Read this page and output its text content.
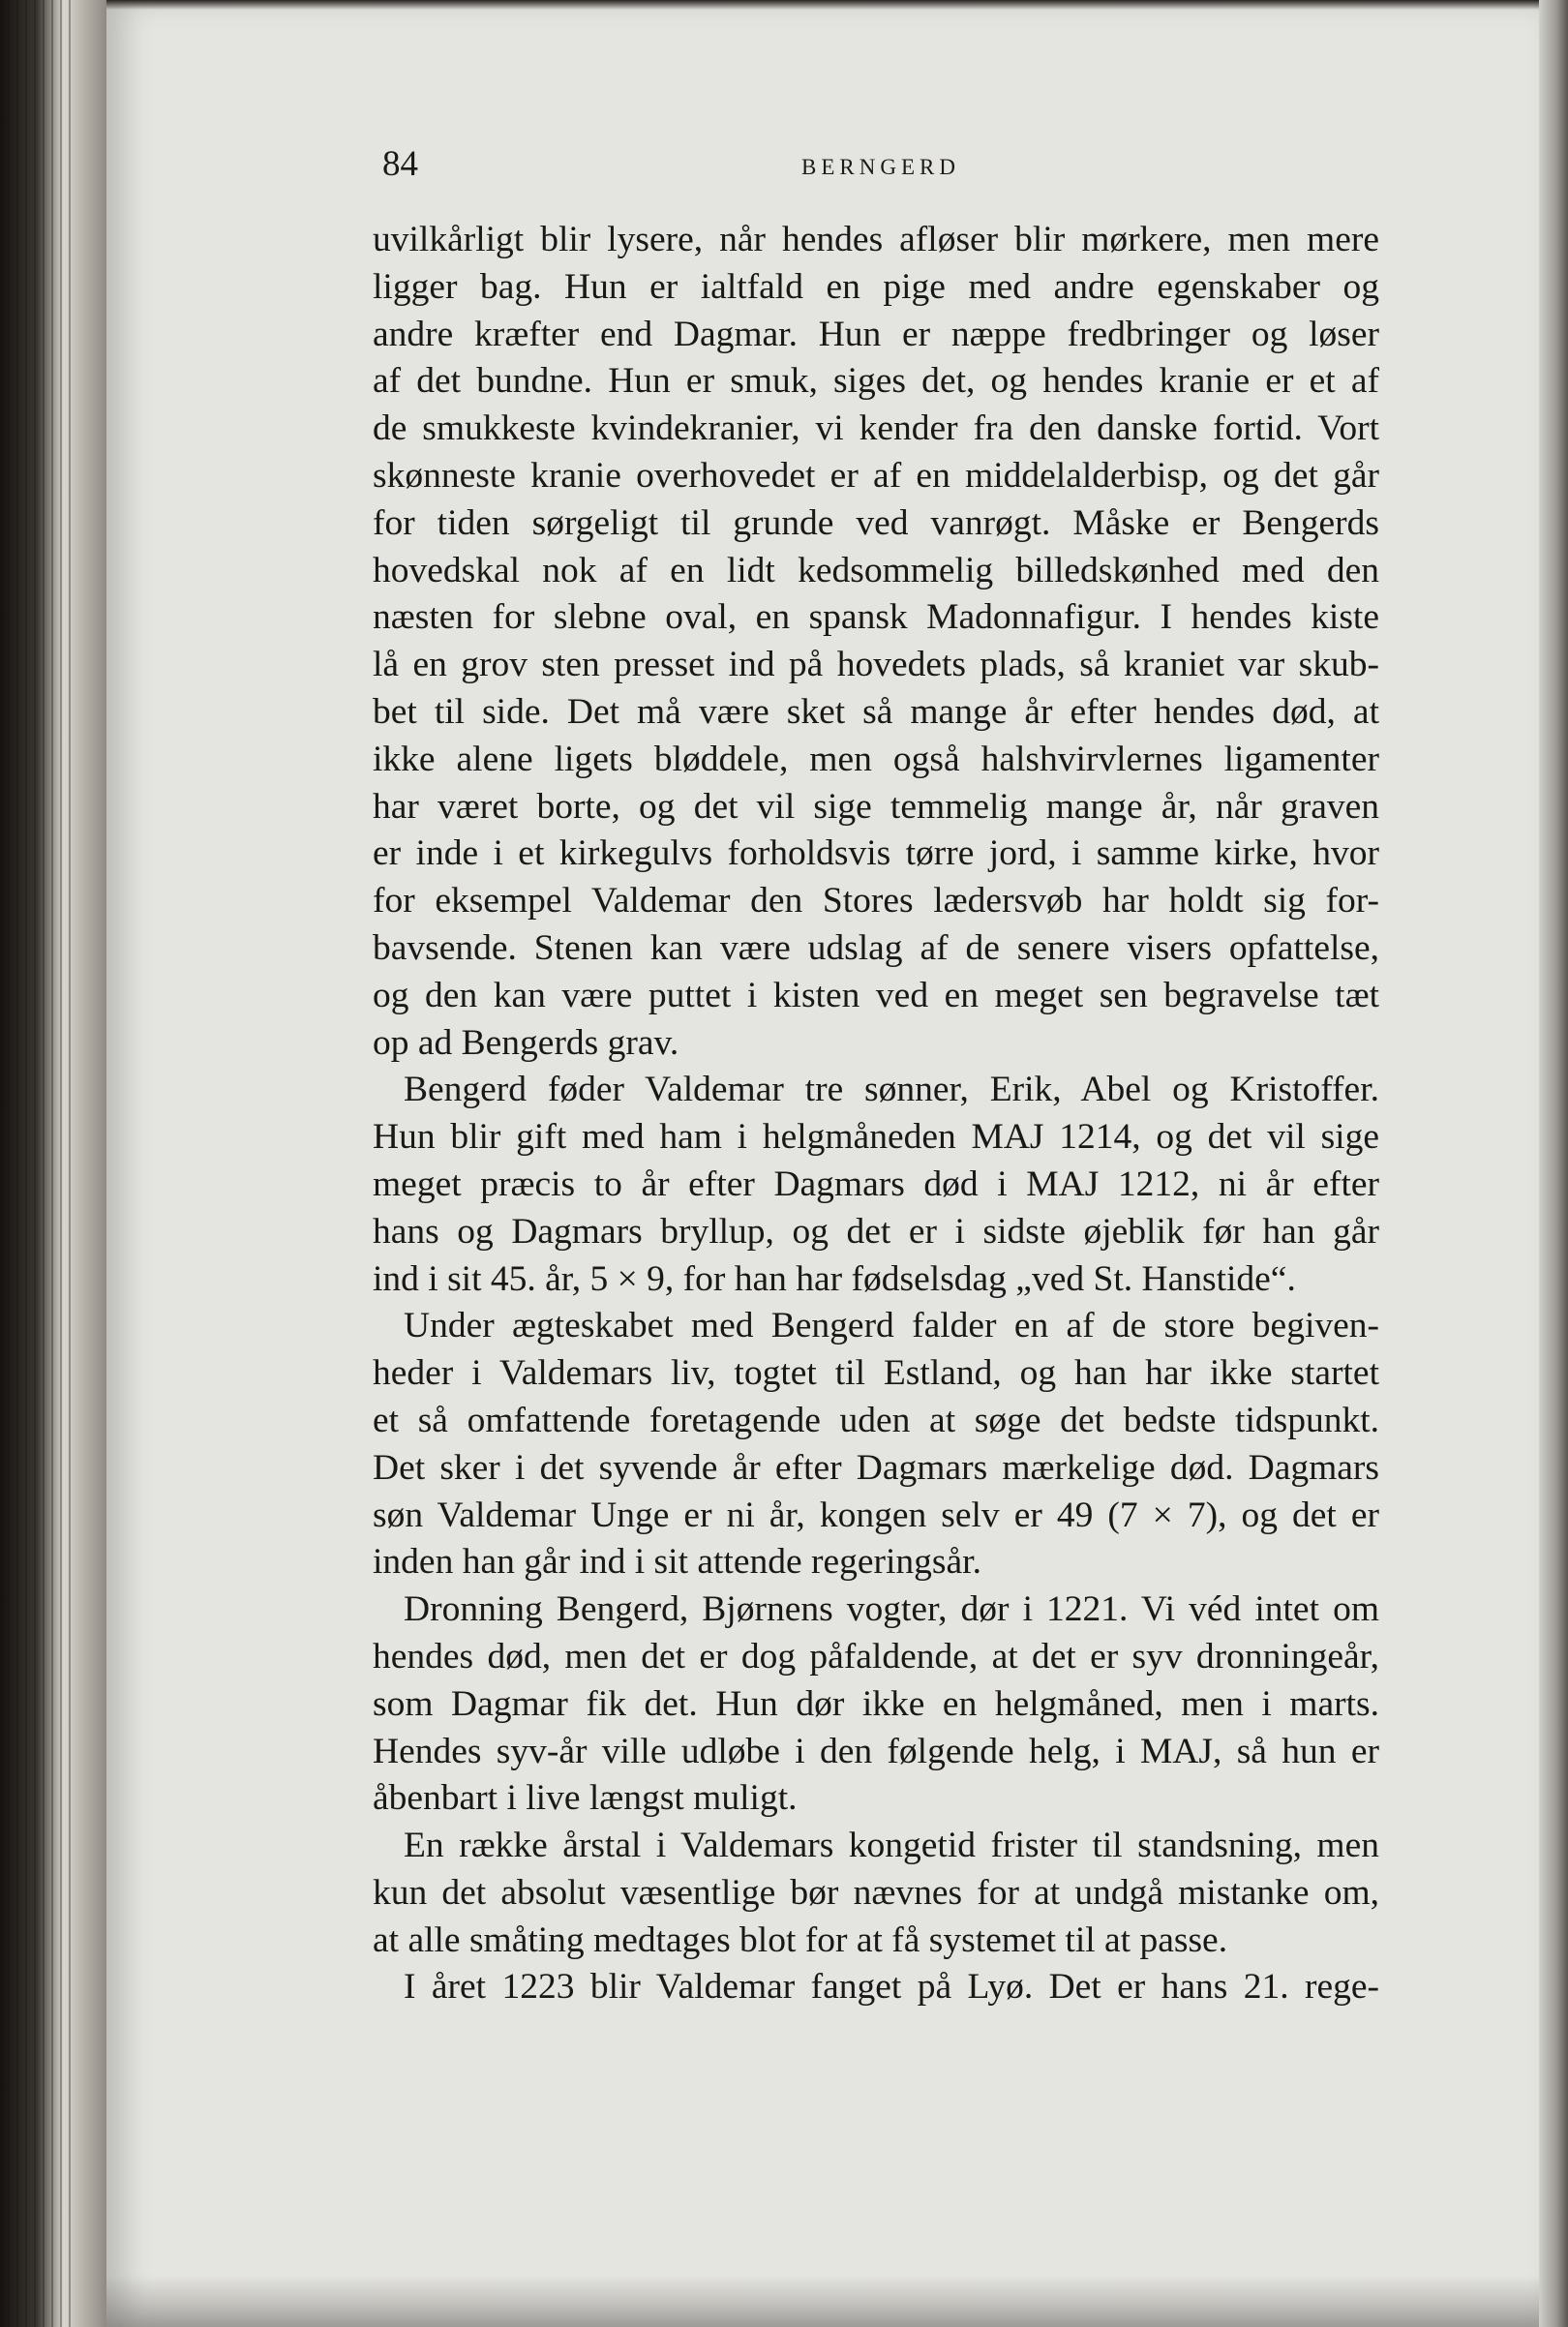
84	BERNGERD
uvilkårligt blir lysere, når hendes afløser blir mørkere, men mere
ligger bag. Hun er ialtfald en pige med andre egenskaber og
andre kræfter end Dagmar. Hun er næppe fredbringer og løser
af det bundne. Hun er smuk, siges det, og hendes kranie er et af
de smukkeste kvindekranier, vi kender fra den danske fortid. Vort
skønneste kranie overhovedet er af en middelalderbisp, og det går
for tiden sørgeligt til grunde ved vanrøgt. Måske er Bengerds
hovedskal nok af en lidt kedsommelig billedskønhed med den
næsten for slebne oval, en spansk Madonnafigur. I hendes kiste
lå en grov sten presset ind på hovedets plads, så kraniet var skub-
bet til side. Det må være sket så mange år efter hendes død, at
ikke alene ligets bløddele, men også halshvirvlernes ligamenter
har været borte, og det vil sige temmelig mange år, når graven
er inde i et kirkegulvs forholdsvis tørre jord, i samme kirke, hvor
for eksempel Valdemar den Stores lædersvøb har holdt sig for-
bavsende. Stenen kan være udslag af de senere visers opfattelse,
og den kan være puttet i kisten ved en meget sen begravelse tæt
op ad Bengerds grav.
Bengerd føder Valdemar tre sønner, Erik, Abel og Kristoffer.
Hun blir gift med ham i helgmåneden MAJ 1214, og det vil sige
meget præcis to år efter Dagmars død i MAJ 1212, ni år efter
hans og Dagmars bryllup, og det er i sidste øjeblik før han går
ind i sit 45. år, 5 × 9, for han har fødselsdag „ved St. Hanstide“.
Under ægteskabet med Bengerd falder en af de store begiven-
heder i Valdemars liv, togtet til Estland, og han har ikke startet
et så omfattende foretagende uden at søge det bedste tidspunkt.
Det sker i det syvende år efter Dagmars mærkelige død. Dagmars
søn Valdemar Unge er ni år, kongen selv er 49 (7 × 7), og det er
inden han går ind i sit attende regeringsår.
Dronning Bengerd, Bjørnens vogter, dør i 1221. Vi véd intet om
hendes død, men det er dog påfaldende, at det er syv dronningeår,
som Dagmar fik det. Hun dør ikke en helgmåned, men i marts.
Hendes syv-år ville udløbe i den følgende helg, i MAJ, så hun er
åbenbart i live længst muligt.
En række årstal i Valdemars kongetid frister til standsning, men
kun det absolut væsentlige bør nævnes for at undgå mistanke om,
at alle småting medtages blot for at få systemet til at passe.
I året 1223 blir Valdemar fanget på Lyø. Det er hans 21. rege-
